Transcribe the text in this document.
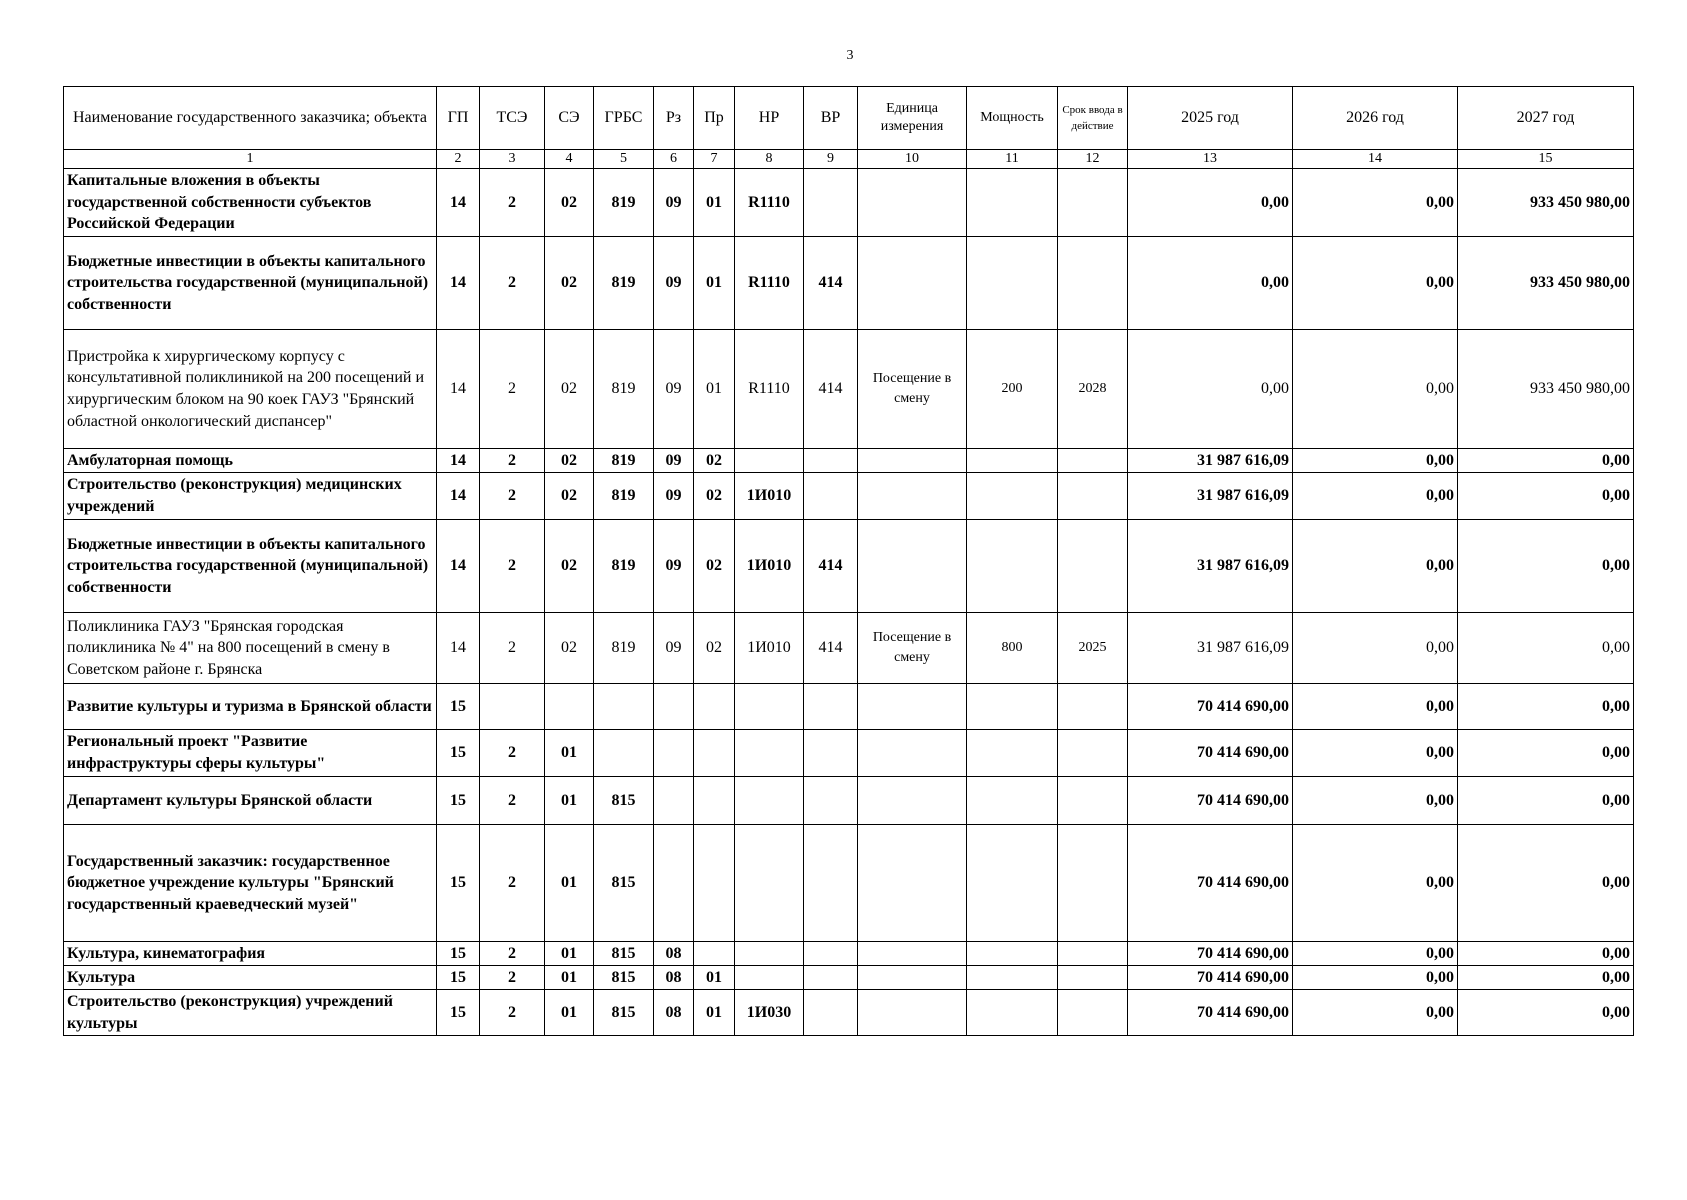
3
Наименование государственного заказчика; объекта	ГП	ТСЭ	СЭ	ГРБС	Рз	Пр	НР	ВР	Единица измерения	Мощность	Срок ввода в действие	2025 год	2026 год	2027 год
1	2	3	4	5	6	7	8	9	10	11	12	13	14	15
Капитальные вложения в объекты государственной собственности субъектов Российской Федерации	14	2	02	819	09	01	R1110					0,00	0,00	933 450 980,00
Бюджетные инвестиции в объекты капитального строительства государственной (муниципальной) собственности	14	2	02	819	09	01	R1110	414				0,00	0,00	933 450 980,00
Пристройка к хирургическому корпусу с консультативной поликлиникой на 200 посещений и хирургическим блоком на 90 коек ГАУЗ "Брянский областной онкологический диспансер"	14	2	02	819	09	01	R1110	414	Посещение в смену	200	2028	0,00	0,00	933 450 980,00
Амбулаторная помощь	14	2	02	819	09	02						31 987 616,09	0,00	0,00
Строительство (реконструкция) медицинских учреждений	14	2	02	819	09	02	1И010					31 987 616,09	0,00	0,00
Бюджетные инвестиции в объекты капитального строительства государственной (муниципальной) собственности	14	2	02	819	09	02	1И010	414				31 987 616,09	0,00	0,00
Поликлиника ГАУЗ "Брянская городская поликлиника № 4" на 800 посещений в смену в Советском районе г. Брянска	14	2	02	819	09	02	1И010	414	Посещение в смену	800	2025	31 987 616,09	0,00	0,00
Развитие культуры и туризма в Брянской области	15											70 414 690,00	0,00	0,00
Региональный проект "Развитие инфраструктуры сферы культуры"	15	2	01									70 414 690,00	0,00	0,00
Департамент культуры Брянской области	15	2	01	815								70 414 690,00	0,00	0,00
Государственный заказчик: государственное бюджетное учреждение культуры "Брянский государственный краеведческий музей"	15	2	01	815								70 414 690,00	0,00	0,00
Культура, кинематография	15	2	01	815	08							70 414 690,00	0,00	0,00
Культура	15	2	01	815	08	01						70 414 690,00	0,00	0,00
Строительство (реконструкция) учреждений культуры	15	2	01	815	08	01	1И030					70 414 690,00	0,00	0,00
